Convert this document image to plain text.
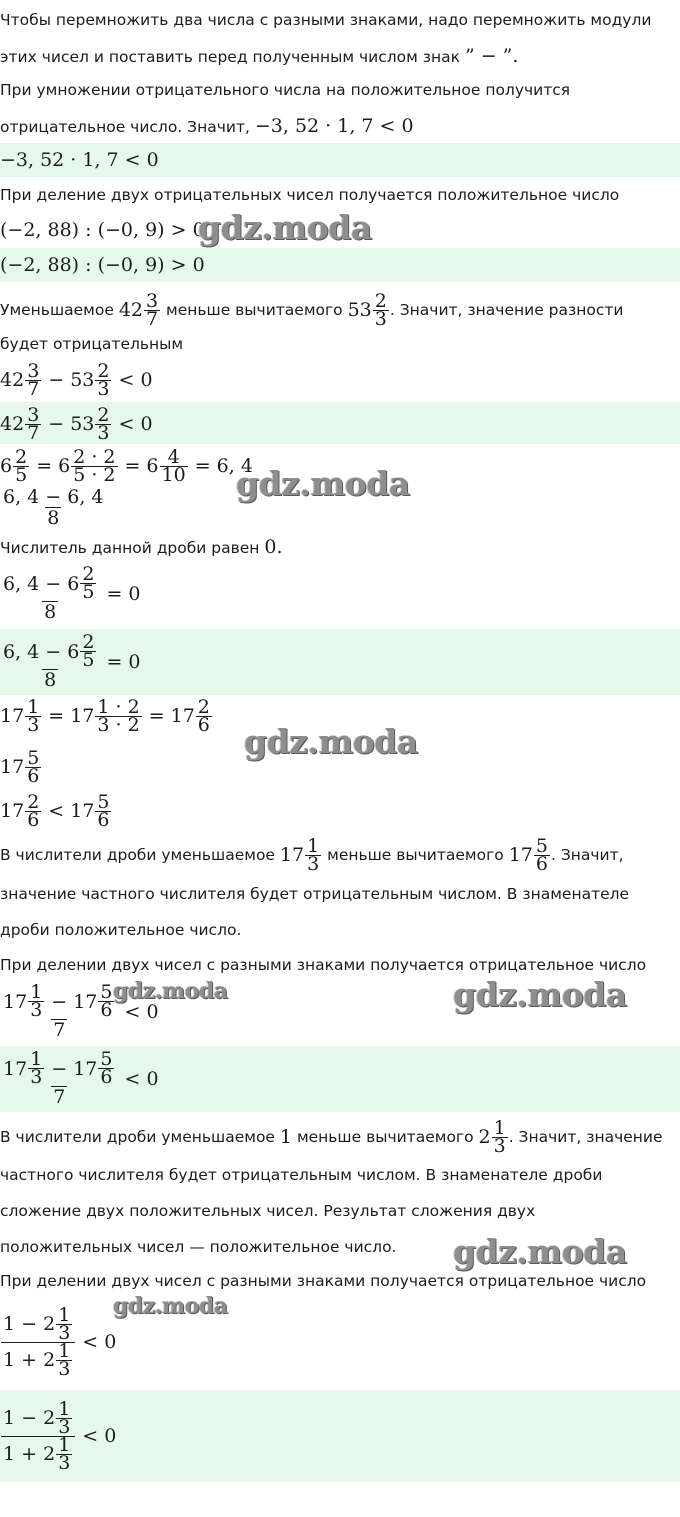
Чтобы перемножить два числа с разными знаками, надо перемножить модули
этих чисел и поставить перед полученным числом знак ” − ”.
При умножении отрицательного числа на положительное получится
отрицательное число. Значит, −3, 52 · 1, 7 < 0
−3, 52 · 1, 7 < 0
При деление двух отрицательных чисел получается положительное число
(−2, 88) : (−0, 9) > 0
gdz.moda
(−2, 88) : (−0, 9) > 0
Уменьшаемое
$42 \frac{3}{7}$
меньше вычитаемого
$53 \frac{2}{3}$ . Значит, значение разности
будет отрицательным
$42 \frac{3}{7} - 53 \frac{2}{3} < 0$
$42 \frac{3}{7} - 53 \frac{2}{3} < 0$
$6 \frac{2}{5} = 6 \frac{2 \cdot 2}{5 \cdot 2} = 6 \frac{4}{10} = 6$, 4
gdz.moda
$\frac{6, 4 - 6, 4}{8}$
Числитель данной дроби равен 0.
$\frac{6, 4 - 6 \frac{2}{5}}{8} = 0$
$\frac{6, 4 - 6 \frac{2}{5}}{8} = 0$
$17 \frac{1}{3} = 17 \frac{1 \cdot 2}{3 \cdot 2} = 17 \frac{2}{6}$
gdz.moda
$17 \frac{5}{6}$
$17 \frac{2}{6} < 17 \frac{5}{6}$
В числители дроби уменьшаемое
$17 \frac{1}{3}$
меньше вычитаемого
$17 \frac{5}{6}$ . Значит,
значение частного числителя будет отрицательным числом. В знаменателе
дроби положительное число.
При делении двух чисел с разными знаками получается отрицательное число
$\frac{17 \frac{1}{3} - 17 \frac{5}{6}}{7} < 0$
gdz.moda	gdz.moda
$\frac{17 \frac{1}{3} - 17 \frac{5}{6}}{7} < 0$
В числители дроби уменьшаемое
1
меньше вычитаемого
$2 \frac{1}{3}$ . Значит, значение
частного числителя будет отрицательным числом. В знаменателе дроби
сложение двух положительных чисел. Результат сложения двух
положительных чисел — положительное число. gdz.moda
При делении двух чисел с разными знаками получается отрицательное число
gdz.moda
$\frac{1 - 2 \frac{1}{3}}{1 + 2 \frac{1}{3}} < 0$
$\frac{1 - 2 \frac{1}{3}}{1 + 2 \frac{1}{3}} < 0$
